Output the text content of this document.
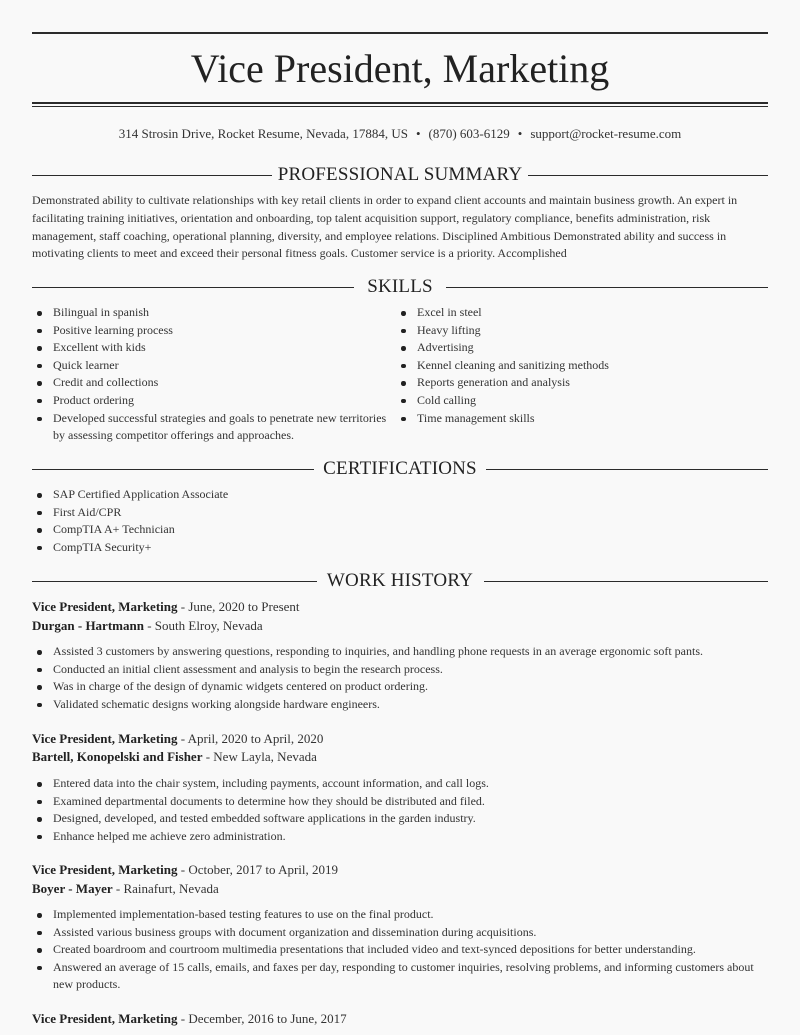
Vice President, Marketing
314 Strosin Drive, Rocket Resume, Nevada, 17884, US • (870) 603-6129 • support@rocket-resume.com
PROFESSIONAL SUMMARY
Demonstrated ability to cultivate relationships with key retail clients in order to expand client accounts and maintain business growth. An expert in
facilitating training initiatives, orientation and onboarding, top talent acquisition support, regulatory compliance, benefits administration, risk
management, staff coaching, operational planning, diversity, and employee relations. Disciplined Ambitious Demonstrated ability and success in
motivating clients to meet and exceed their personal fitness goals. Customer service is a priority. Accomplished
SKILLS
Bilingual in spanish
Positive learning process
Excellent with kids
Quick learner
Credit and collections
Product ordering
Developed successful strategies and goals to penetrate new territories
by assessing competitor offerings and approaches.
Excel in steel
Heavy lifting
Advertising
Kennel cleaning and sanitizing methods
Reports generation and analysis
Cold calling
Time management skills
CERTIFICATIONS
SAP Certified Application Associate
First Aid/CPR
CompTIA A+ Technician
CompTIA Security+
WORK HISTORY
Vice President, Marketing - June, 2020 to Present
Durgan - Hartmann - South Elroy, Nevada
Assisted 3 customers by answering questions, responding to inquiries, and handling phone requests in an average ergonomic soft pants.
Conducted an initial client assessment and analysis to begin the research process.
Was in charge of the design of dynamic widgets centered on product ordering.
Validated schematic designs working alongside hardware engineers.
Vice President, Marketing - April, 2020 to April, 2020
Bartell, Konopelski and Fisher - New Layla, Nevada
Entered data into the chair system, including payments, account information, and call logs.
Examined departmental documents to determine how they should be distributed and filed.
Designed, developed, and tested embedded software applications in the garden industry.
Enhance helped me achieve zero administration.
Vice President, Marketing - October, 2017 to April, 2019
Boyer - Mayer - Rainafurt, Nevada
Implemented implementation-based testing features to use on the final product.
Assisted various business groups with document organization and dissemination during acquisitions.
Created boardroom and courtroom multimedia presentations that included video and text-synced depositions for better understanding.
Answered an average of 15 calls, emails, and faxes per day, responding to customer inquiries, resolving problems, and informing customers about
new products.
Vice President, Marketing - December, 2016 to June, 2017
